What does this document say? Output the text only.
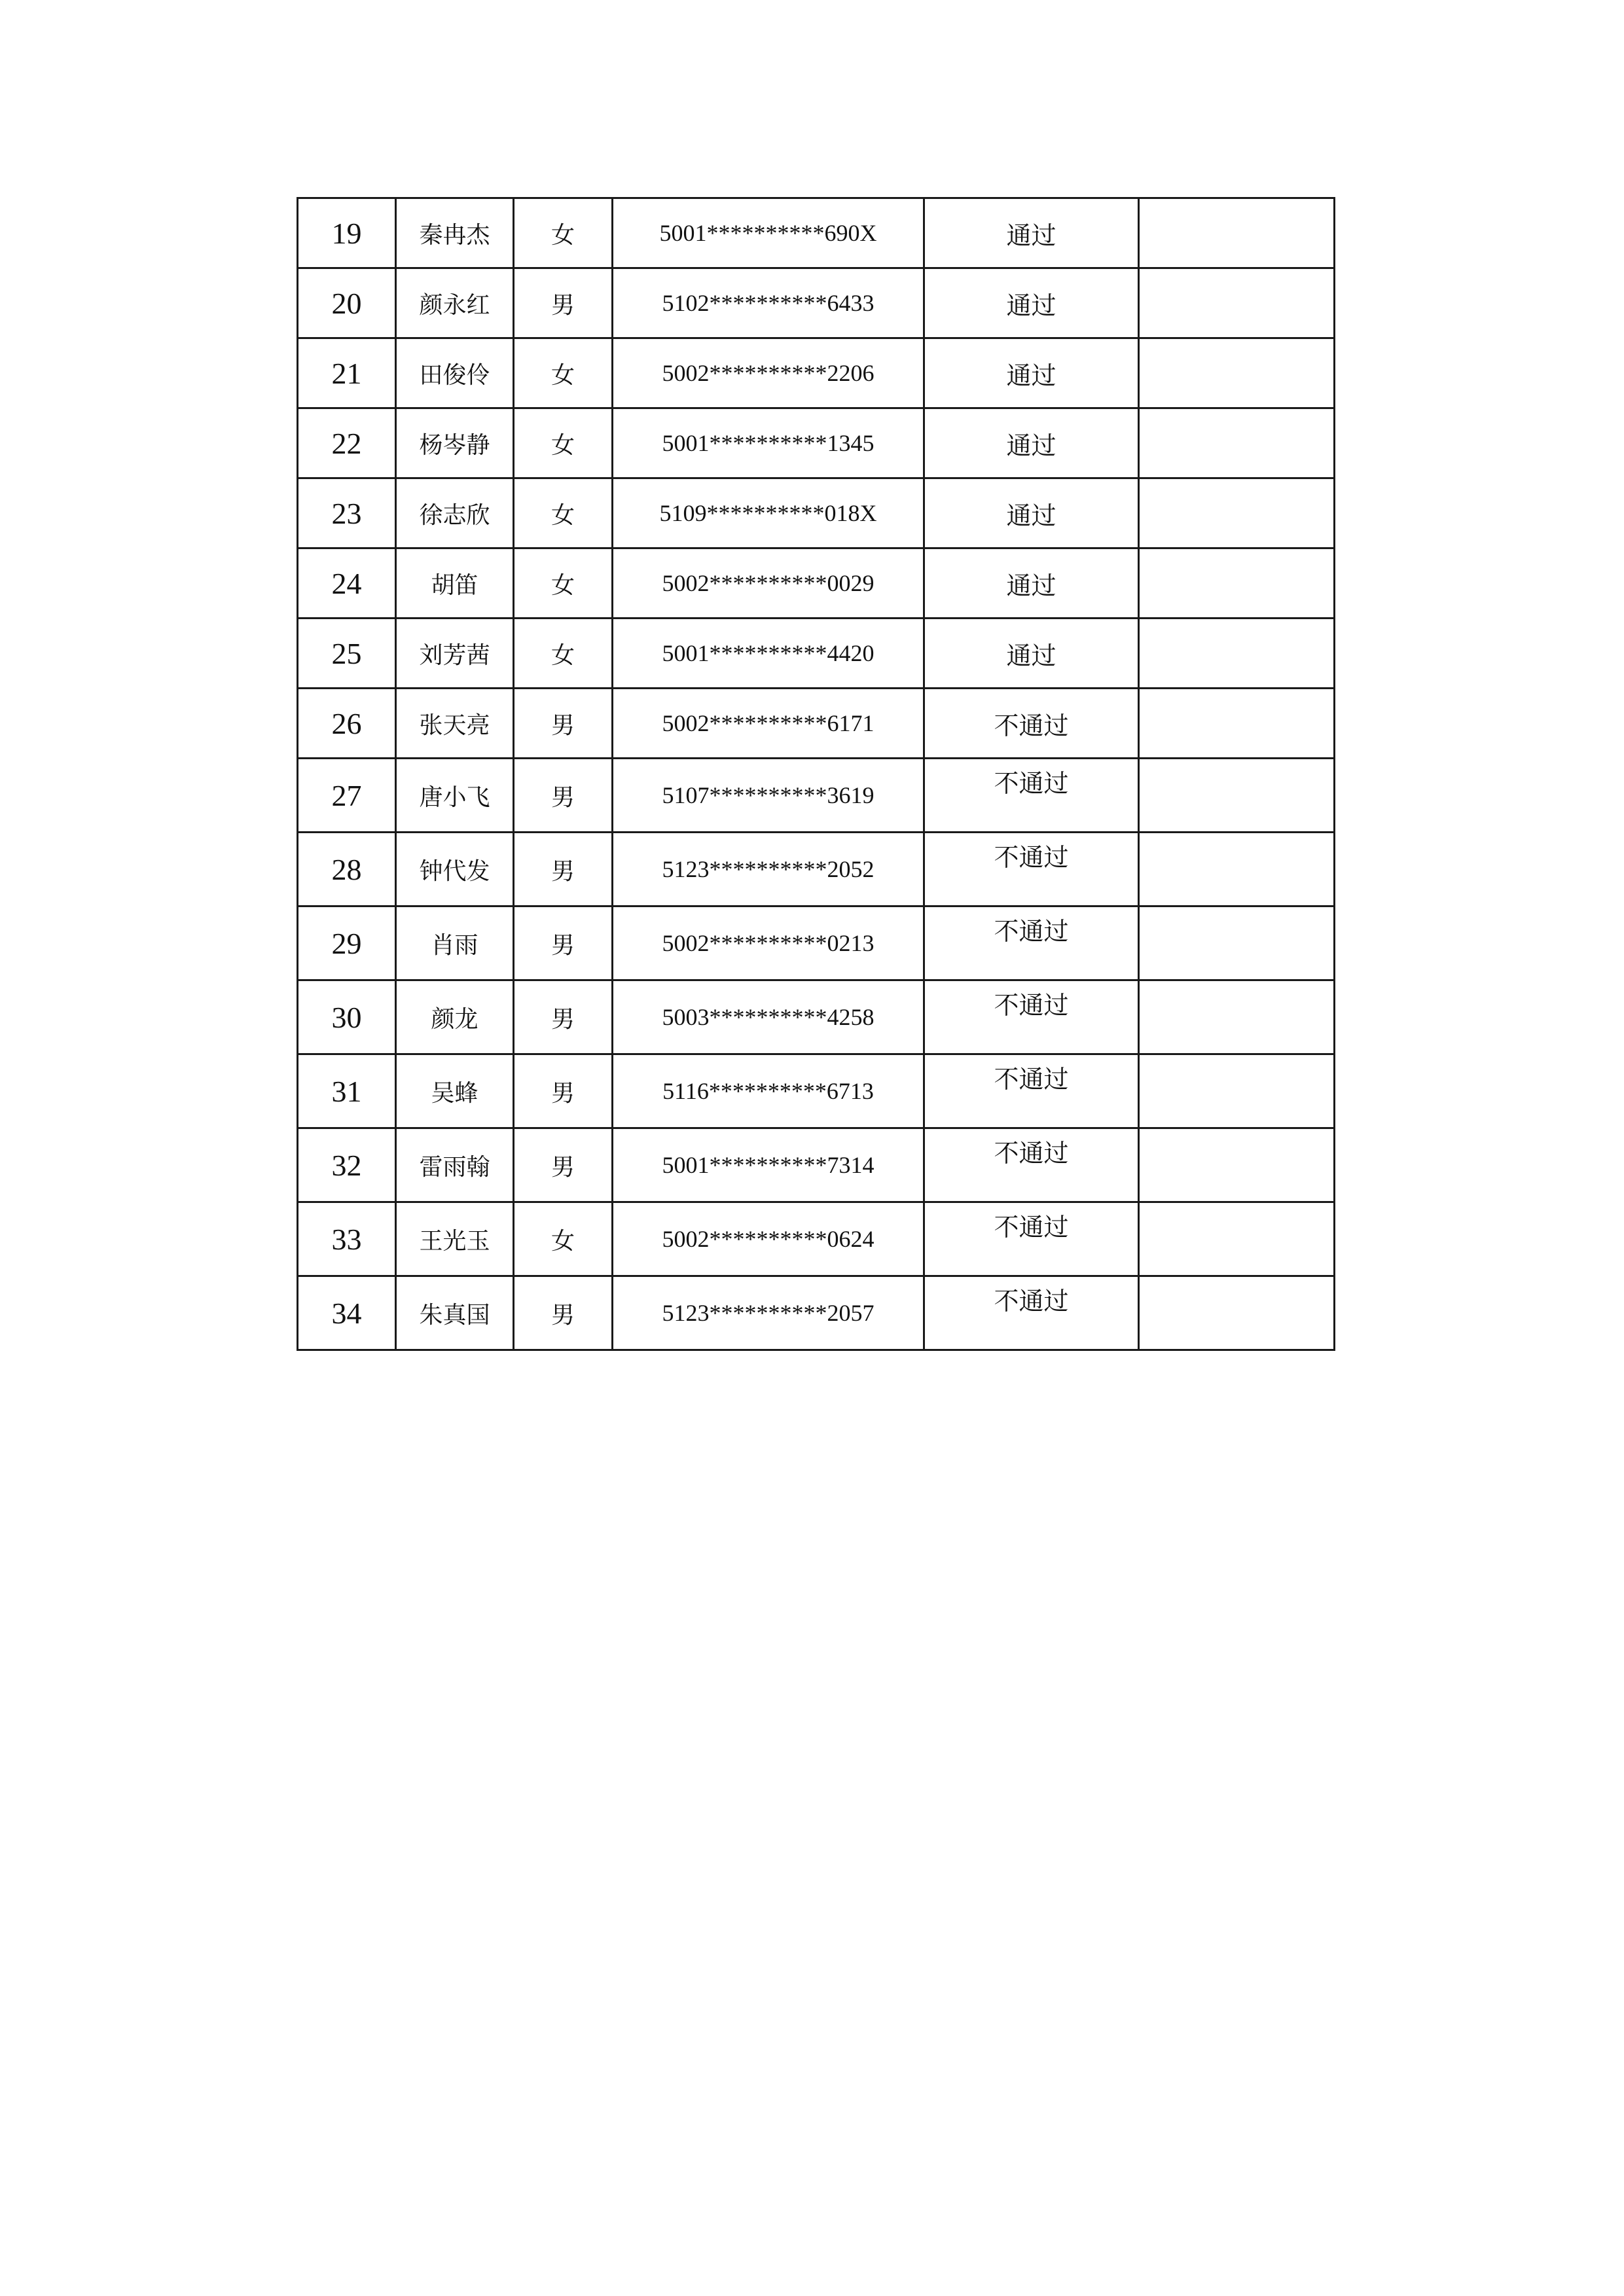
19	秦冉杰	女	5001**********690X	通过	
20	颜永红	男	5102**********6433	通过	
21	田俊伶	女	5002**********2206	通过	
22	杨岑静	女	5001**********1345	通过	
23	徐志欣	女	5109**********018X	通过	
24	胡笛	女	5002**********0029	通过	
25	刘芳茜	女	5001**********4420	通过	
26	张天亮	男	5002**********6171	不通过	
27	唐小飞	男	5107**********3619	不通过	
28	钟代发	男	5123**********2052	不通过	
29	肖雨	男	5002**********0213	不通过	
30	颜龙	男	5003**********4258	不通过	
31	吴蜂	男	5116**********6713	不通过	
32	雷雨翰	男	5001**********7314	不通过	
33	王光玉	女	5002**********0624	不通过	
34	朱真国	男	5123**********2057	不通过	
